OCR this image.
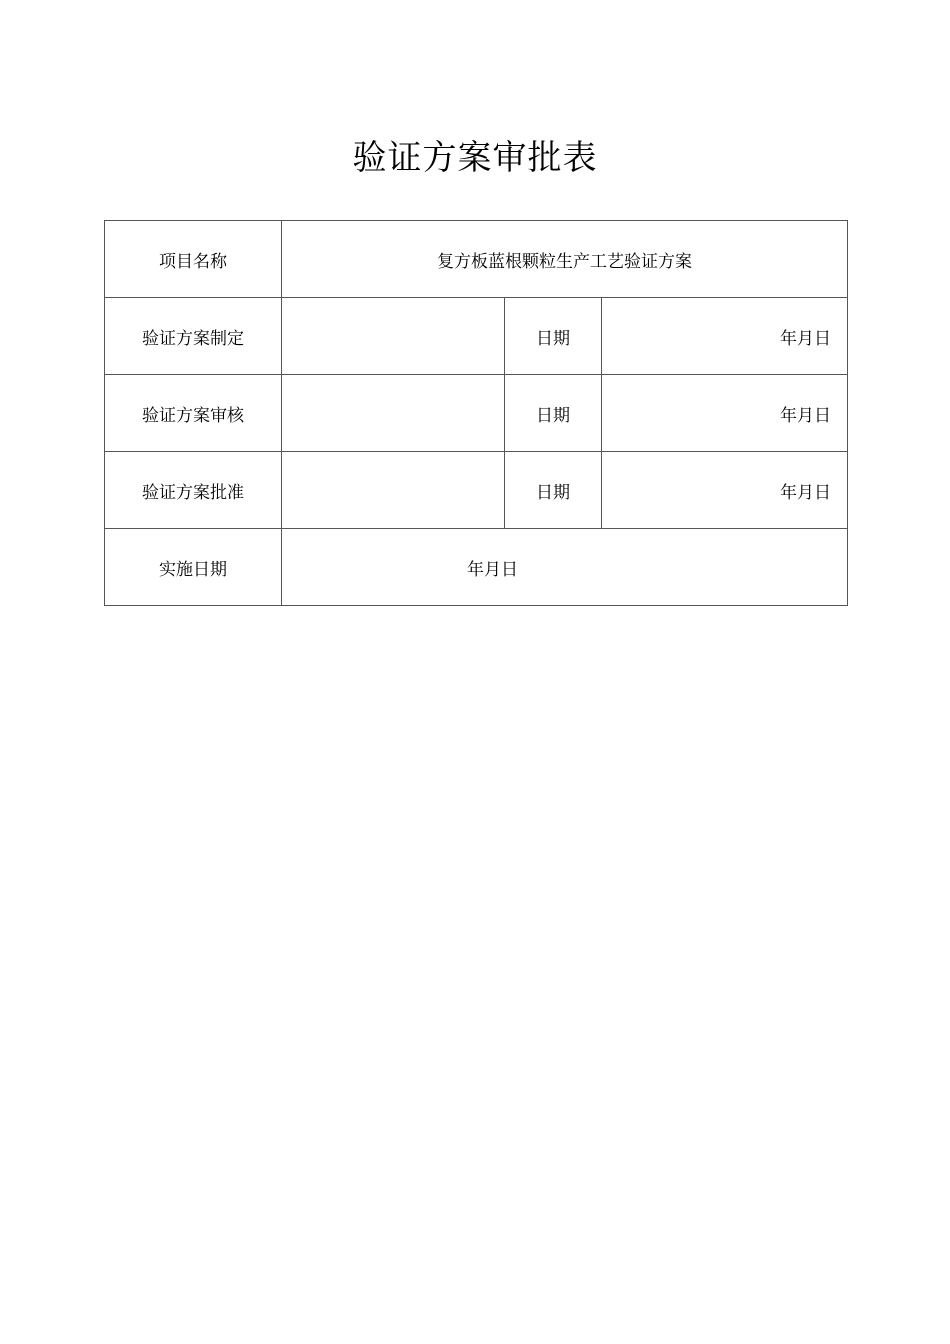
验证方案审批表
项目名称	复方板蓝根颗粒生产工艺验证方案		
验证方案制定		日期	年月日
验证方案审核		日期	年月日
验证方案批准		日期	年月日
实施日期	年月日		
